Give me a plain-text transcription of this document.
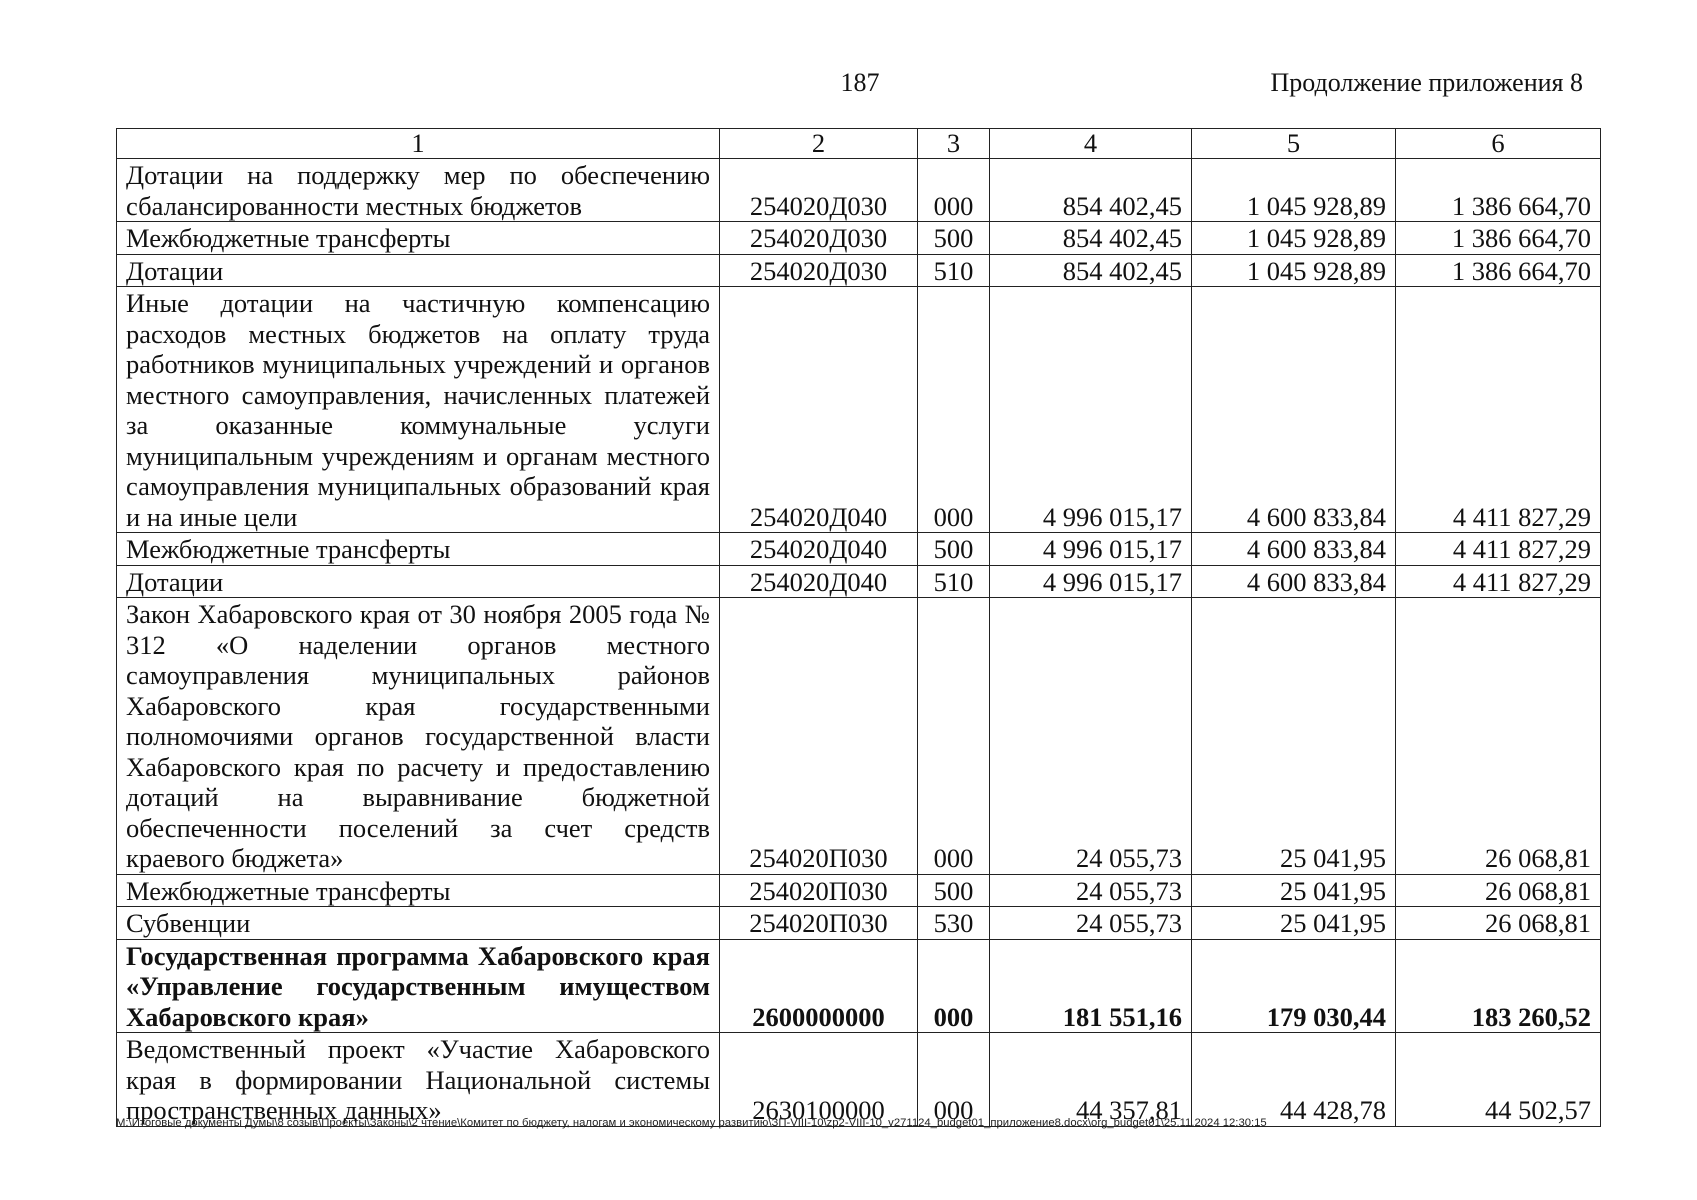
187	Продолжение приложения 8
1	2	3	4	5	6
Дотации на поддержку мер по обеспечению сбалансированности местных бюджетов	254020Д030	000	854 402,45	1 045 928,89	1 386 664,70
Межбюджетные трансферты	254020Д030	500	854 402,45	1 045 928,89	1 386 664,70
Дотации	254020Д030	510	854 402,45	1 045 928,89	1 386 664,70
Иные дотации на частичную компенсацию расходов местных бюджетов на оплату труда работников муниципальных учреждений и органов местного самоуправления, начисленных платежей за оказанные коммунальные услуги муниципальным учреждениям и органам местного самоуправления муниципальных образований края и на иные цели	254020Д040	000	4 996 015,17	4 600 833,84	4 411 827,29
Межбюджетные трансферты	254020Д040	500	4 996 015,17	4 600 833,84	4 411 827,29
Дотации	254020Д040	510	4 996 015,17	4 600 833,84	4 411 827,29
Закон Хабаровского края от 30 ноября 2005 года № 312 «О наделении органов местного самоуправления муниципальных районов Хабаровского края государственными полномочиями органов государственной власти Хабаровского края по расчету и предоставлению дотаций на выравнивание бюджетной обеспеченности поселений за счет средств краевого бюджета»	254020П030	000	24 055,73	25 041,95	26 068,81
Межбюджетные трансферты	254020П030	500	24 055,73	25 041,95	26 068,81
Субвенции	254020П030	530	24 055,73	25 041,95	26 068,81
Государственная программа Хабаровского края «Управление государственным имуществом Хабаровского края»	2600000000	000	181 551,16	179 030,44	183 260,52
Ведомственный проект «Участие Хабаровского края в формировании Национальной системы пространственных данных»	2630100000	000	44 357,81	44 428,78	44 502,57
M:\Итоговые документы Думы\8 созыв\Проекты\Законы\2 чтение\Комитет по бюджету, налогам и экономическому развитию\ЗП-VIII-10\zp2-VIII-10_v271124_budget01_приложение8.docx\org_budget01\25.11.2024 12:30:15
